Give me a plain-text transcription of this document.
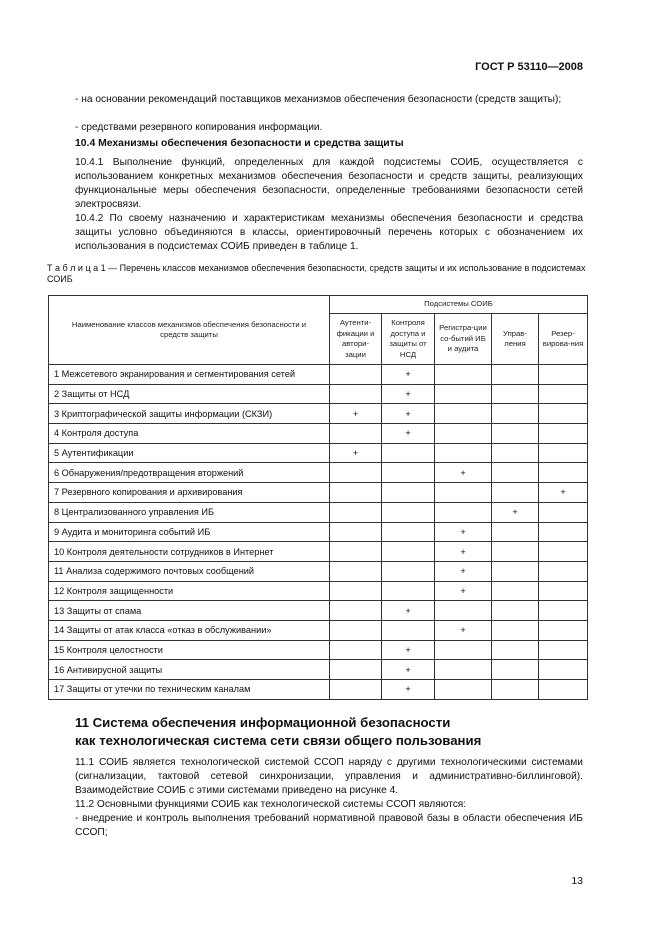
ГОСТ Р 53110—2008
- на основании рекомендаций поставщиков механизмов обеспечения безопасности (средств защиты);
- средствами резервного копирования информации.
10.4 Механизмы обеспечения безопасности и средства защиты
10.4.1 Выполнение функций, определенных для каждой подсистемы СОИБ, осуществляется с использованием конкретных механизмов обеспечения безопасности и средств защиты, реализующих функциональные меры обеспечения безопасности, определенные требованиями безопасности сетей электросвязи.
10.4.2 По своему назначению и характеристикам механизмы обеспечения безопасности и средства защиты условно объединяются в классы, ориентировочный перечень которых с обозначением их использования в подсистемах СОИБ приведен в таблице 1.
Т а б л и ц а 1 — Перечень классов механизмов обеспечения безопасности, средств защиты и их использование в подсистемах СОИБ
Наименование классов механизмов обеспечения безопасности и средств защиты	Подсистемы СОИБ				
	Аутенти-фикации и автори-зации	Контроля доступа и защиты от НСД	Регистра-ции со-бытий ИБ и аудита	Управ-ления	Резер-вирова-ния
1 Межсетевого экранирования и сегментирования сетей		+			
2 Защиты от НСД		+			
3 Криптографической защиты информации (СКЗИ)	+	+			
4 Контроля доступа		+			
5 Аутентификации	+				
6 Обнаружения/предотвращения вторжений			+		
7 Резервного копирования и архивирования					+
8 Централизованного управления ИБ				+	
9 Аудита и мониторинга событий ИБ			+		
10 Контроля деятельности сотрудников в Интернет			+		
11 Анализа содержимого почтовых сообщений			+		
12 Контроля защищенности			+		
13 Защиты от спама		+			
14 Защиты от атак класса «отказ в обслуживании»			+		
15 Контроля целостности		+			
16 Антивирусной защиты		+			
17 Защиты от утечки по техническим каналам		+			
11 Система обеспечения информационной безопасности
как технологическая система сети связи общего пользования
11.1 СОИБ является технологической системой ССОП наряду с другими технологическими системами (сигнализации, тактовой сетевой синхронизации, управления и административно-биллинговой). Взаимодействие СОИБ с этими системами приведено на рисунке 4.
11.2 Основными функциями СОИБ как технологической системы ССОП являются:
- внедрение и контроль выполнения требований нормативной правовой базы в области обеспечения ИБ ССОП;
13
